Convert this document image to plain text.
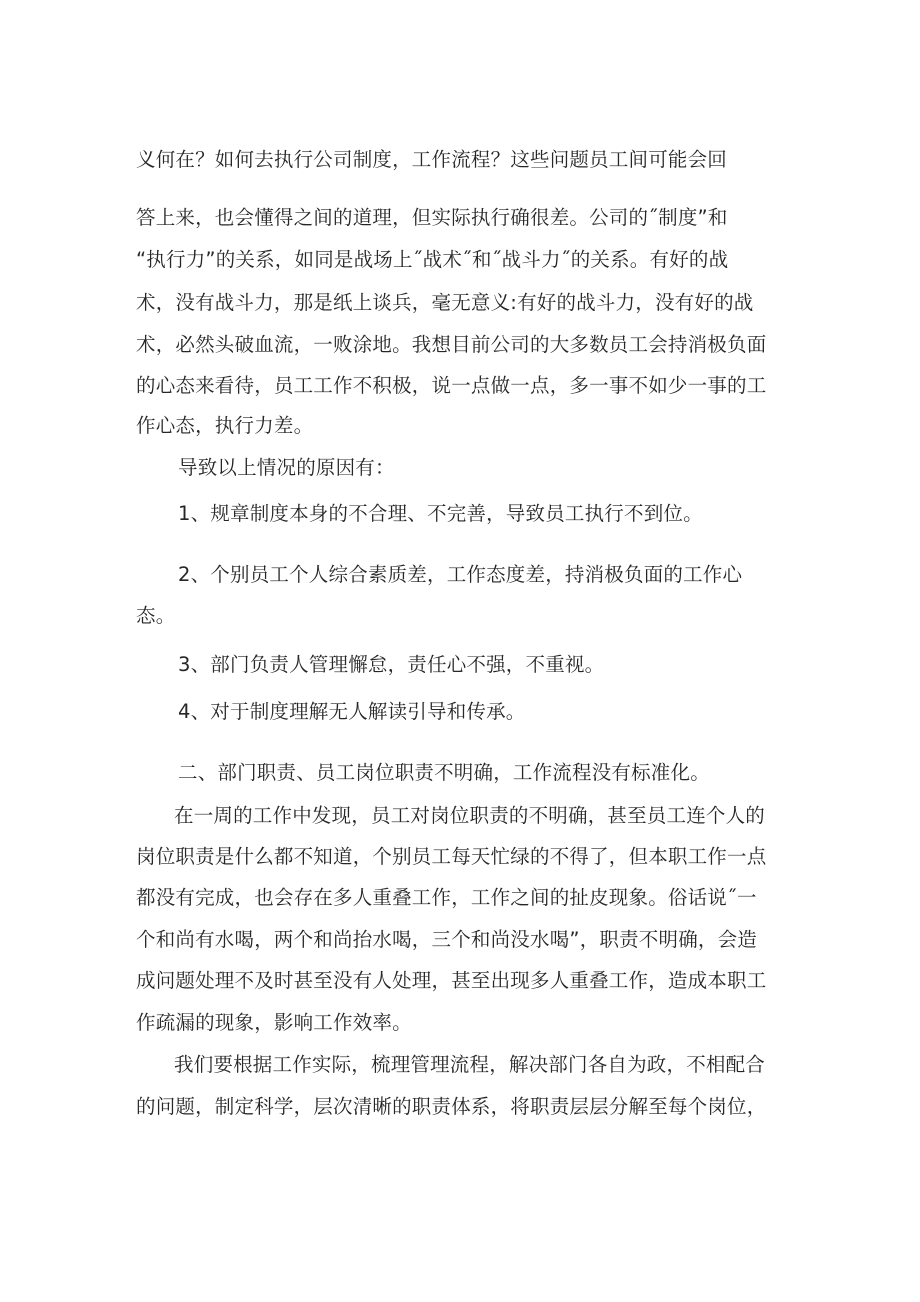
义何在？如何去执行公司制度，工作流程？这些问题员工间可能会回
答上来，也会懂得之间的道理，但实际执行确很差。公司的˝制度”和
“执行力”的关系，如同是战场上˝战术˝和˝战斗力˝的关系。有好的战
术，没有战斗力，那是纸上谈兵，毫无意义:有好的战斗力，没有好的战
术，必然头破血流，一败涂地。我想目前公司的大多数员工会持消极负面
的心态来看待，员工工作不积极，说一点做一点，多一事不如少一事的工
作心态，执行力差。
导致以上情况的原因有：
1、规章制度本身的不合理、不完善，导致员工执行不到位。
2、个别员工个人综合素质差，工作态度差，持消极负面的工作心
态。
3、部门负责人管理懈怠，责任心不强，不重视。
4、对于制度理解无人解读引导和传承。
二、部门职责、员工岗位职责不明确，工作流程没有标准化。
在一周的工作中发现，员工对岗位职责的不明确，甚至员工连个人的
岗位职责是什么都不知道，个别员工每天忙绿的不得了，但本职工作一点
都没有完成，也会存在多人重叠工作，工作之间的扯皮现象。俗话说˝一
个和尚有水喝，两个和尚抬水喝，三个和尚没水喝”，职责不明确，会造
成问题处理不及时甚至没有人处理，甚至出现多人重叠工作，造成本职工
作疏漏的现象，影响工作效率。
我们要根据工作实际，梳理管理流程，解决部门各自为政，不相配合
的问题，制定科学，层次清晰的职责体系，将职责层层分解至每个岗位，
